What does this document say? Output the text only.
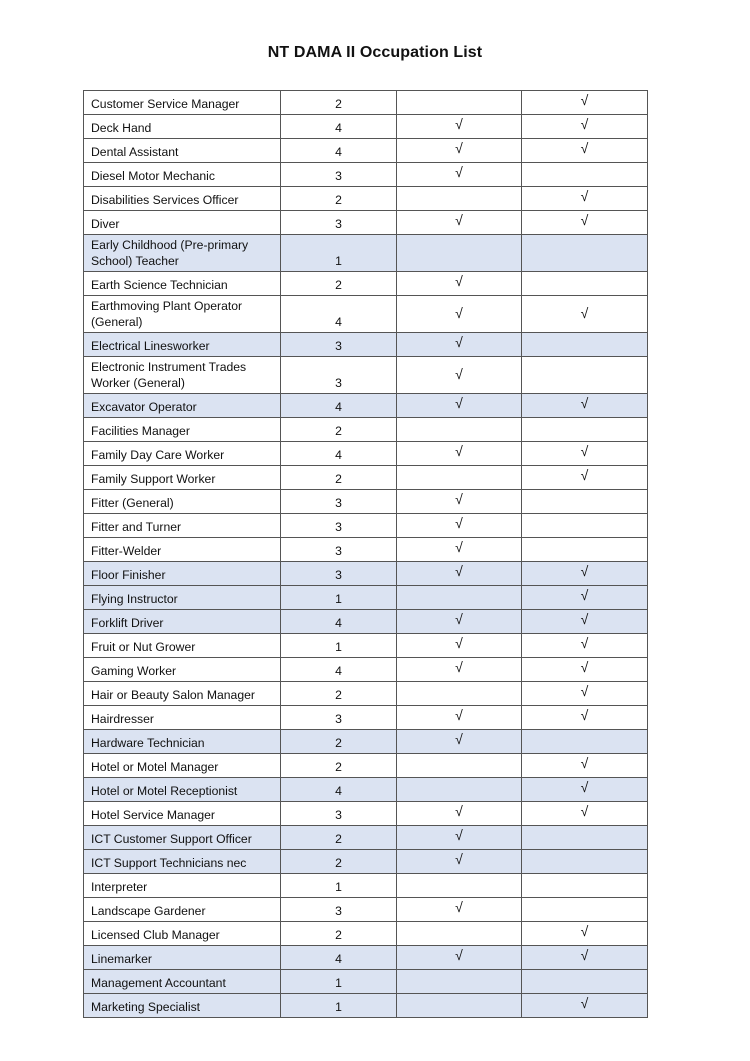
NT DAMA II Occupation List
Customer Service Manager	2		√
Deck Hand	4	√	√
Dental Assistant	4	√	√
Diesel Motor Mechanic	3	√	
Disabilities Services Officer	2		√
Diver	3	√	√
Early Childhood (Pre-primary School) Teacher	1		
Earth Science Technician	2	√	
Earthmoving Plant Operator (General)	4	√	√
Electrical Linesworker	3	√	
Electronic Instrument Trades Worker (General)	3	√	
Excavator Operator	4	√	√
Facilities Manager	2		
Family Day Care Worker	4	√	√
Family Support Worker	2		√
Fitter (General)	3	√	
Fitter and Turner	3	√	
Fitter-Welder	3	√	
Floor Finisher	3	√	√
Flying Instructor	1		√
Forklift Driver	4	√	√
Fruit or Nut Grower	1	√	√
Gaming Worker	4	√	√
Hair or Beauty Salon Manager	2		√
Hairdresser	3	√	√
Hardware Technician	2	√	
Hotel or Motel Manager	2		√
Hotel or Motel Receptionist	4		√
Hotel Service Manager	3	√	√
ICT Customer Support Officer	2	√	
ICT Support Technicians nec	2	√	
Interpreter	1		
Landscape Gardener	3	√	
Licensed Club Manager	2		√
Linemarker	4	√	√
Management Accountant	1		
Marketing Specialist	1		√
